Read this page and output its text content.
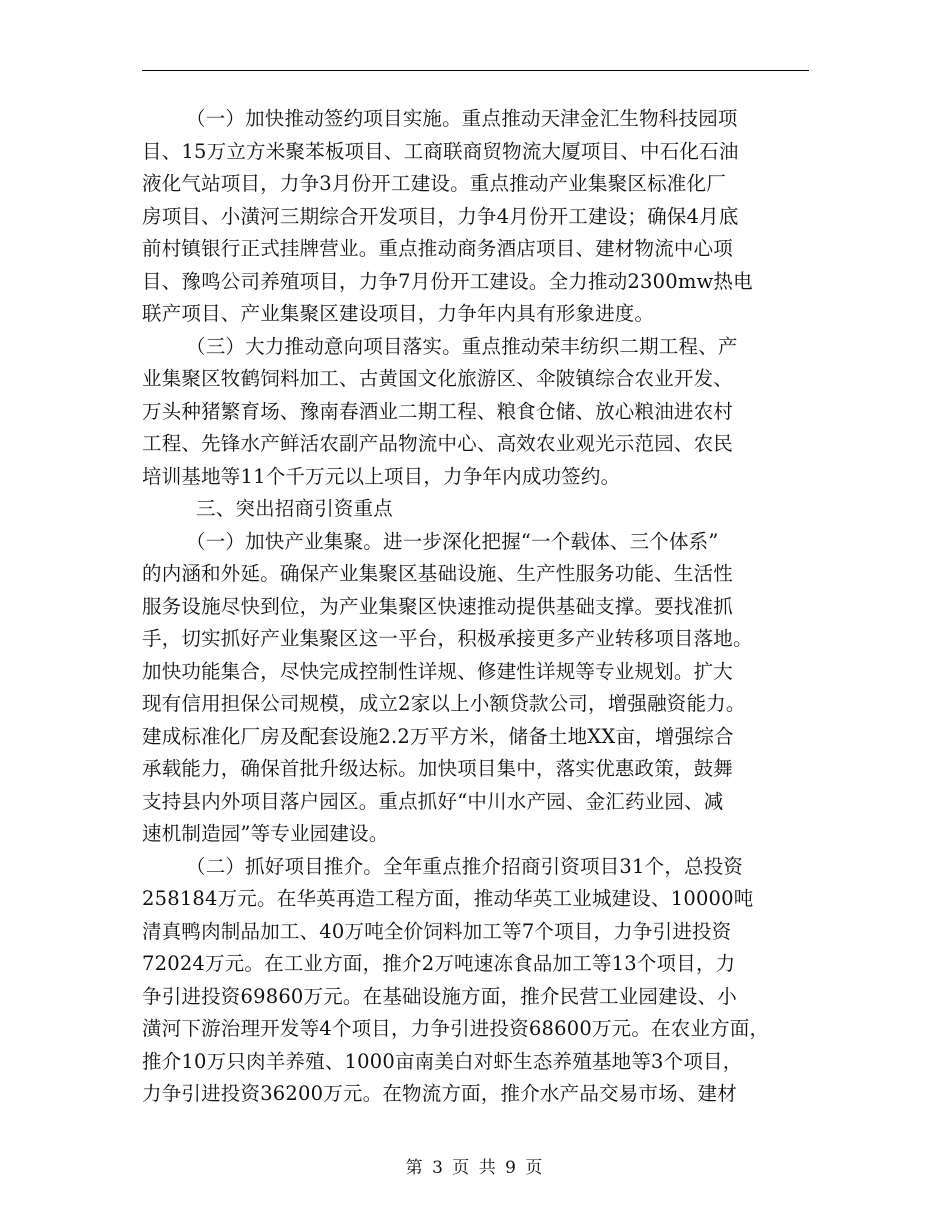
（一）加快推动签约项目实施。重点推动天津金汇生物科技园项
目、15万立方米聚苯板项目、工商联商贸物流大厦项目、中石化石油
液化气站项目，力争3月份开工建设。重点推动产业集聚区标准化厂
房项目、小潢河三期综合开发项目，力争4月份开工建设；确保4月底
前村镇银行正式挂牌营业。重点推动商务酒店项目、建材物流中心项
目、豫鸣公司养殖项目，力争7月份开工建设。全力推动2300mw热电
联产项目、产业集聚区建设项目，力争年内具有形象进度。
（三）大力推动意向项目落实。重点推动荣丰纺织二期工程、产
业集聚区牧鹤饲料加工、古黄国文化旅游区、伞陂镇综合农业开发、
万头种猪繁育场、豫南春酒业二期工程、粮食仓储、放心粮油进农村
工程、先锋水产鲜活农副产品物流中心、高效农业观光示范园、农民
培训基地等11个千万元以上项目，力争年内成功签约。
三、突出招商引资重点
（一）加快产业集聚。进一步深化把握“一个载体、三个体系”
的内涵和外延。确保产业集聚区基础设施、生产性服务功能、生活性
服务设施尽快到位，为产业集聚区快速推动提供基础支撑。要找准抓
手，切实抓好产业集聚区这一平台，积极承接更多产业转移项目落地。
加快功能集合，尽快完成控制性详规、修建性详规等专业规划。扩大
现有信用担保公司规模，成立2家以上小额贷款公司，增强融资能力。
建成标准化厂房及配套设施2.2万平方米，储备土地XX亩，增强综合
承载能力，确保首批升级达标。加快项目集中，落实优惠政策，鼓舞
支持县内外项目落户园区。重点抓好“中川水产园、金汇药业园、减
速机制造园”等专业园建设。
（二）抓好项目推介。全年重点推介招商引资项目31个，总投资
258184万元。在华英再造工程方面，推动华英工业城建设、10000吨
清真鸭肉制品加工、40万吨全价饲料加工等7个项目，力争引进投资
72024万元。在工业方面，推介2万吨速冻食品加工等13个项目，力
争引进投资69860万元。在基础设施方面，推介民营工业园建设、小
潢河下游治理开发等4个项目，力争引进投资68600万元。在农业方面，
推介10万只肉羊养殖、1000亩南美白对虾生态养殖基地等3个项目，
力争引进投资36200万元。在物流方面，推介水产品交易市场、建材
第 3 页 共 9 页
